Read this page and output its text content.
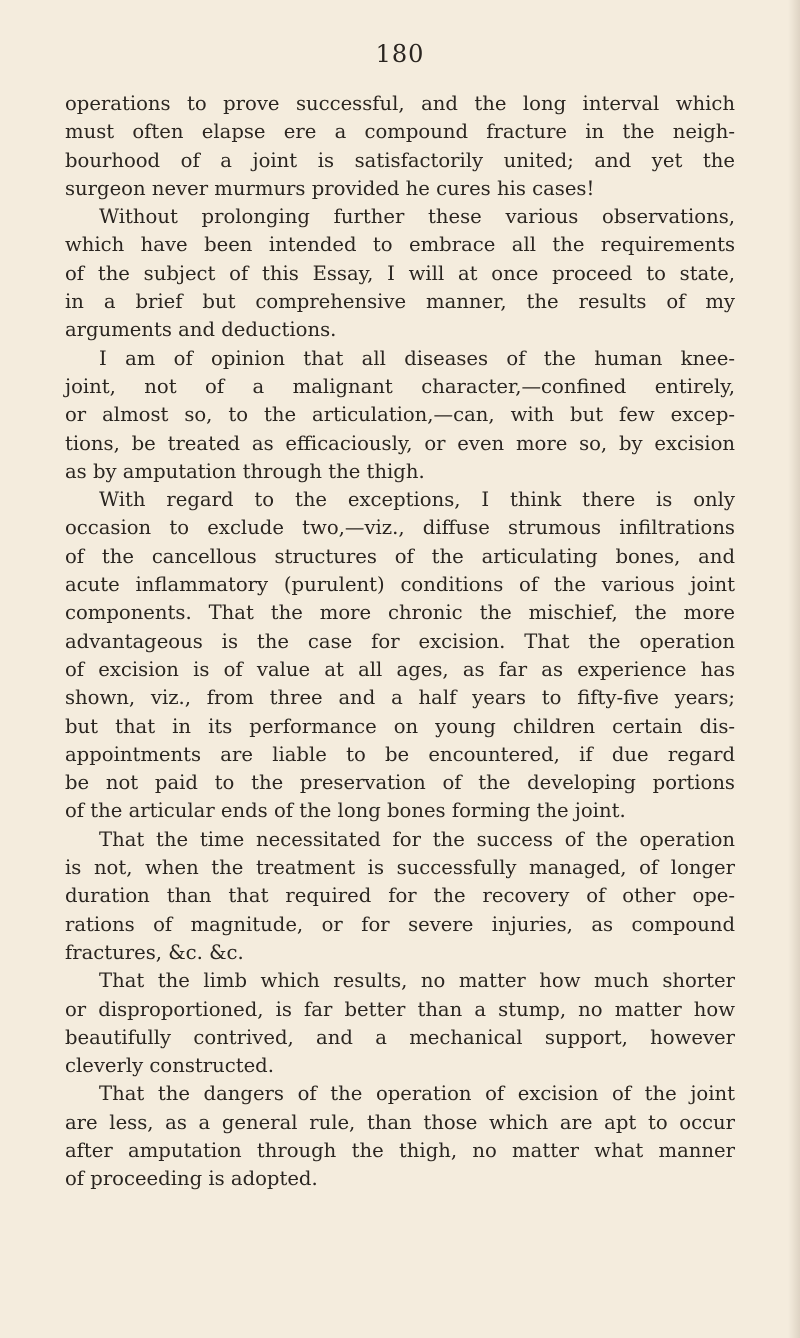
180
operations to prove successful, and the long interval which
must often elapse ere a compound fracture in the neigh-
bourhood of a joint is satisfactorily united; and yet the
surgeon never murmurs provided he cures his cases!
Without prolonging further these various observations,
which have been intended to embrace all the requirements
of the subject of this Essay, I will at once proceed to state,
in a brief but comprehensive manner, the results of my
arguments and deductions.
I am of opinion that all diseases of the human knee-
joint, not of a malignant character,—confined entirely,
or almost so, to the articulation,—can, with but few excep-
tions, be treated as efficaciously, or even more so, by excision
as by amputation through the thigh.
With regard to the exceptions, I think there is only
occasion to exclude two,—viz., diffuse strumous infiltrations
of the cancellous structures of the articulating bones, and
acute inflammatory (purulent) conditions of the various joint
components. That the more chronic the mischief, the more
advantageous is the case for excision. That the operation
of excision is of value at all ages, as far as experience has
shown, viz., from three and a half years to fifty-five years;
but that in its performance on young children certain dis-
appointments are liable to be encountered, if due regard
be not paid to the preservation of the developing portions
of the articular ends of the long bones forming the joint.
That the time necessitated for the success of the operation
is not, when the treatment is successfully managed, of longer
duration than that required for the recovery of other ope-
rations of magnitude, or for severe injuries, as compound
fractures, &c. &c.
That the limb which results, no matter how much shorter
or disproportioned, is far better than a stump, no matter how
beautifully contrived, and a mechanical support, however
cleverly constructed.
That the dangers of the operation of excision of the joint
are less, as a general rule, than those which are apt to occur
after amputation through the thigh, no matter what manner
of proceeding is adopted.
